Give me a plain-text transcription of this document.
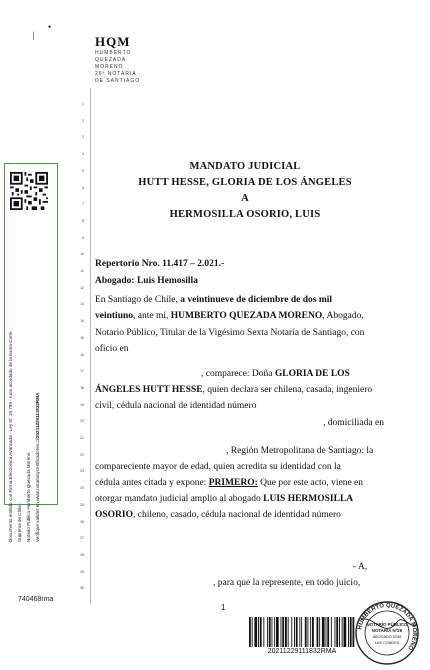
/
•
HQM
HUMBERTO
QUEZADA
MORENO
26ª NOTARIA
DE SANTIAGO
Documento emitido con Firma Electrónica Avanzada - Ley N° 19.799 - Auto acordado de la Exma Corte Suprema de Chile.- Notario Público Humberto Quezada Moreno Verifique validez en www.notariosycertificadores.cl/20211229111832RMA
740468rma
1
2
3
4
5
6
7
8
9
10
11
12
13
14
15
16
17
18
19
20
21
22
23
24
25
26
27
28
29
30
MANDATO JUDICIAL
HUTT HESSE, GLORIA DE LOS ÁNGELES
A
HERMOSILLA OSORIO, LUIS
Repertorio Nro. 11.417 – 2.021.-
Abogado: Luis Hemosilla
En Santiago de Chile, a veintinueve de diciembre de dos mil
veintiuno, ante mí, HUMBERTO QUEZADA MORENO, Abogado,
Notario Público, Titular de la Vigésimo Sexta Notaría de Santiago, con
oficio en
, comparece: Doña GLORIA DE LOS
ÁNGELES HUTT HESSE, quien declara ser chilena, casada, ingeniero
civil, cédula nacional de identidad número
, domiciliada en
, Región Metropolitana de Santiago: la
compareciente mayor de edad, quien acredita su identidad con la
cédula antes citada y expone: PRIMERO: Que por este acto, viene en
otorgar mandato judicial amplio al abogado LUIS HERMOSILLA
OSORIO, chileno, casado, cédula nacional de identidad número
- A,
, para que la represente, en todo juicio,
1
20211229111832RMA
HUMBERTO QUEZADA MORENO
NOTARIO PÚBLICO
NOTARIA Nº26
ABOGADO 0246
LAS CONDES
